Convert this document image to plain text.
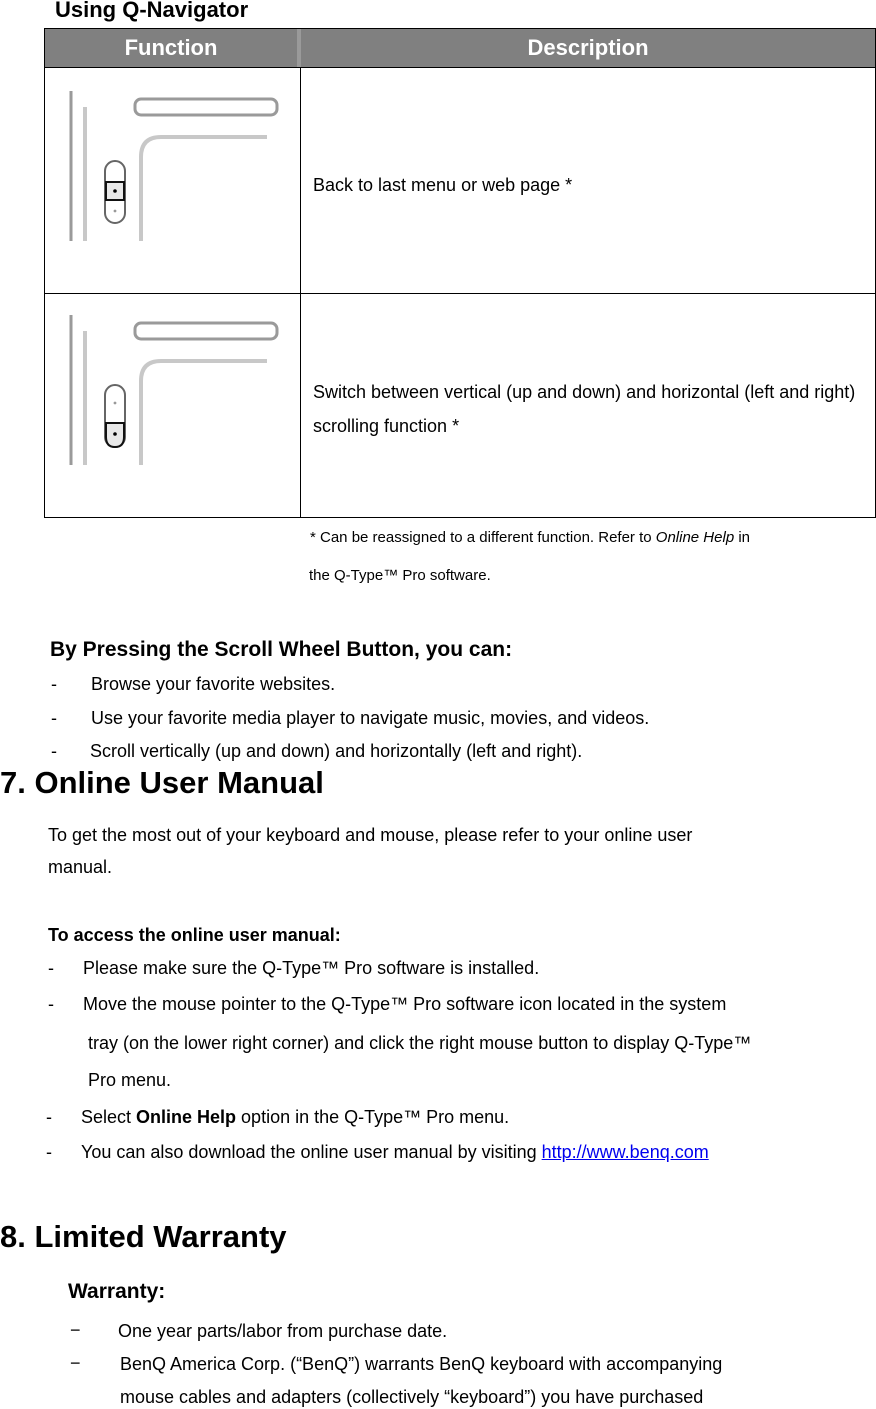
Using Q-Navigator
Function	Description
Back to last menu or web page *
Switch between vertical (up and down) and horizontal (left and right) scrolling function *
* Can be reassigned to a different function. Refer to Online Help in
the Q-Type™ Pro software.
By Pressing the Scroll Wheel Button, you can:
- Browse your favorite websites.
- Use your favorite media player to navigate music, movies, and videos.
- Scroll vertically (up and down) and horizontally (left and right).
7. Online User Manual
To get the most out of your keyboard and mouse, please refer to your online user
manual.
To access the online user manual:
- Please make sure the Q-Type™ Pro software is installed.
- Move the mouse pointer to the Q-Type™ Pro software icon located in the system
tray (on the lower right corner) and click the right mouse button to display Q-Type™
Pro menu.
- Select Online Help option in the Q-Type™ Pro menu.
- You can also download the online user manual by visiting http://www.benq.com
8. Limited Warranty
Warranty:
− One year parts/labor from purchase date.
− BenQ America Corp. (“BenQ”) warrants BenQ keyboard with accompanying
mouse cables and adapters (collectively “keyboard”) you have purchased
